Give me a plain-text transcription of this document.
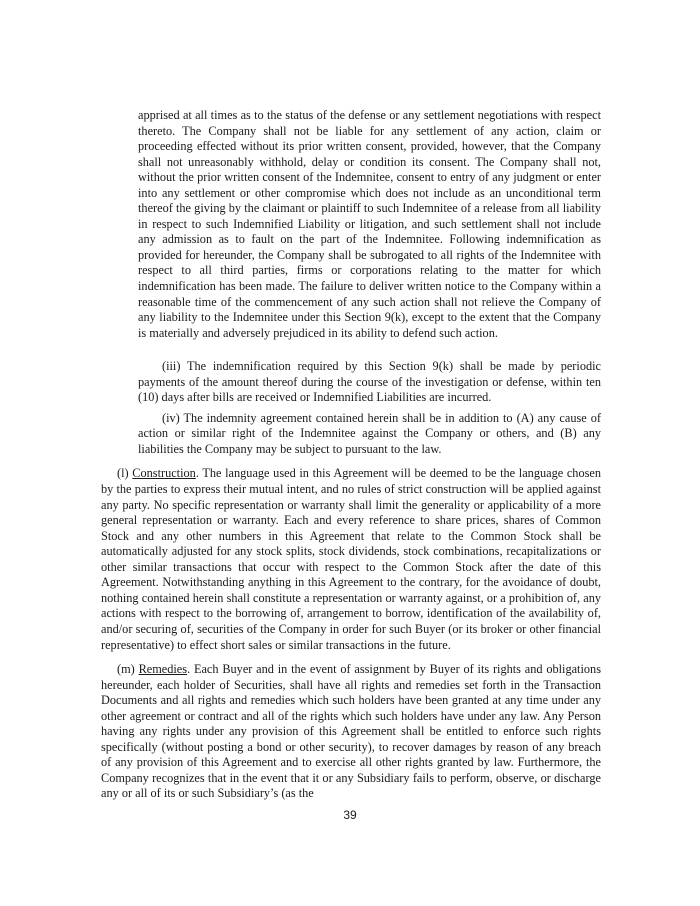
apprised at all times as to the status of the defense or any settlement negotiations with respect thereto. The Company shall not be liable for any settlement of any action, claim or proceeding effected without its prior written consent, provided, however, that the Company shall not unreasonably withhold, delay or condition its consent. The Company shall not, without the prior written consent of the Indemnitee, consent to entry of any judgment or enter into any settlement or other compromise which does not include as an unconditional term thereof the giving by the claimant or plaintiff to such Indemnitee of a release from all liability in respect to such Indemnified Liability or litigation, and such settlement shall not include any admission as to fault on the part of the Indemnitee. Following indemnification as provided for hereunder, the Company shall be subrogated to all rights of the Indemnitee with respect to all third parties, firms or corporations relating to the matter for which indemnification has been made. The failure to deliver written notice to the Company within a reasonable time of the commencement of any such action shall not relieve the Company of any liability to the Indemnitee under this Section 9(k), except to the extent that the Company is materially and adversely prejudiced in its ability to defend such action.

(iii) The indemnification required by this Section 9(k) shall be made by periodic payments of the amount thereof during the course of the investigation or defense, within ten (10) days after bills are received or Indemnified Liabilities are incurred.

(iv) The indemnity agreement contained herein shall be in addition to (A) any cause of action or similar right of the Indemnitee against the Company or others, and (B) any liabilities the Company may be subject to pursuant to the law.

(l) Construction. The language used in this Agreement will be deemed to be the language chosen by the parties to express their mutual intent, and no rules of strict construction will be applied against any party. No specific representation or warranty shall limit the generality or applicability of a more general representation or warranty. Each and every reference to share prices, shares of Common Stock and any other numbers in this Agreement that relate to the Common Stock shall be automatically adjusted for any stock splits, stock dividends, stock combinations, recapitalizations or other similar transactions that occur with respect to the Common Stock after the date of this Agreement. Notwithstanding anything in this Agreement to the contrary, for the avoidance of doubt, nothing contained herein shall constitute a representation or warranty against, or a prohibition of, any actions with respect to the borrowing of, arrangement to borrow, identification of the availability of, and/or securing of, securities of the Company in order for such Buyer (or its broker or other financial representative) to effect short sales or similar transactions in the future.

(m) Remedies. Each Buyer and in the event of assignment by Buyer of its rights and obligations hereunder, each holder of Securities, shall have all rights and remedies set forth in the Transaction Documents and all rights and remedies which such holders have been granted at any time under any other agreement or contract and all of the rights which such holders have under any law. Any Person having any rights under any provision of this Agreement shall be entitled to enforce such rights specifically (without posting a bond or other security), to recover damages by reason of any breach of any provision of this Agreement and to exercise all other rights granted by law. Furthermore, the Company recognizes that in the event that it or any Subsidiary fails to perform, observe, or discharge any or all of its or such Subsidiary’s (as the

39
